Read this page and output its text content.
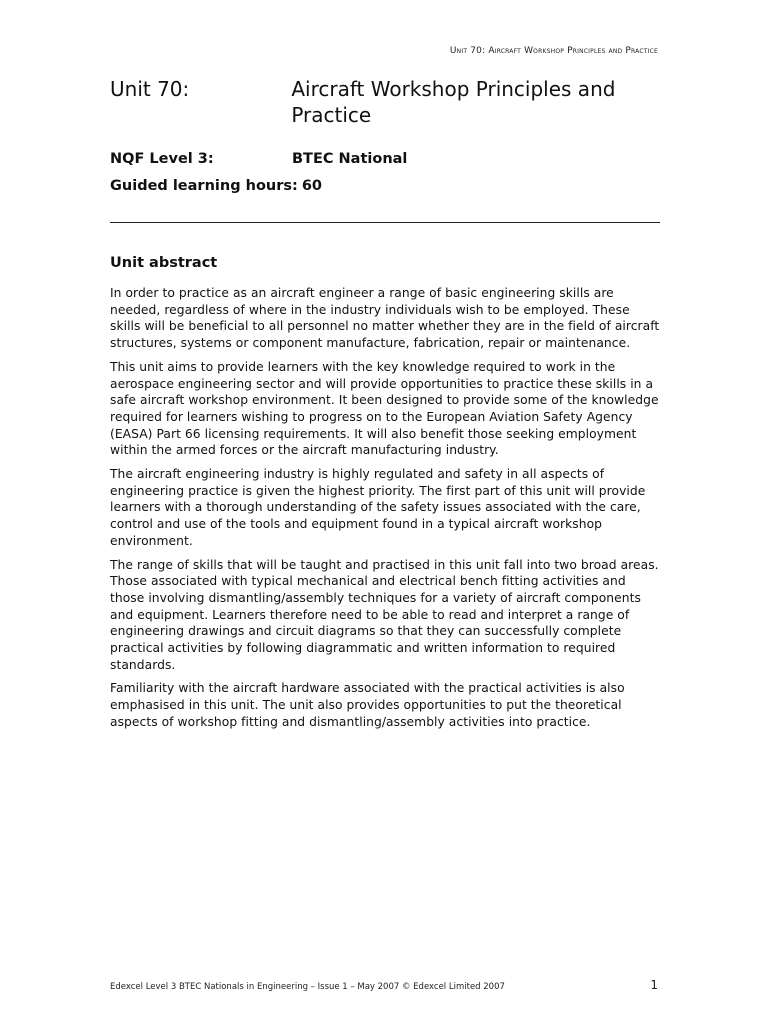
Unit 70: Aircraft Workshop Principles and Practice
Unit 70:	Aircraft Workshop Principles and Practice
NQF Level 3:	BTEC National
Guided learning hours: 60
Unit abstract

In order to practice as an aircraft engineer a range of basic engineering skills are needed, regardless of where in the industry individuals wish to be employed. These skills will be beneficial to all personnel no matter whether they are in the field of aircraft structures, systems or component manufacture, fabrication, repair or maintenance.

This unit aims to provide learners with the key knowledge required to work in the aerospace engineering sector and will provide opportunities to practice these skills in a safe aircraft workshop environment. It been designed to provide some of the knowledge required for learners wishing to progress on to the European Aviation Safety Agency (EASA) Part 66 licensing requirements. It will also benefit those seeking employment within the armed forces or the aircraft manufacturing industry.

The aircraft engineering industry is highly regulated and safety in all aspects of engineering practice is given the highest priority. The first part of this unit will provide learners with a thorough understanding of the safety issues associated with the care, control and use of the tools and equipment found in a typical aircraft workshop environment.

The range of skills that will be taught and practised in this unit fall into two broad areas. Those associated with typical mechanical and electrical bench fitting activities and those involving dismantling/assembly techniques for a variety of aircraft components and equipment. Learners therefore need to be able to read and interpret a range of engineering drawings and circuit diagrams so that they can successfully complete practical activities by following diagrammatic and written information to required standards.

Familiarity with the aircraft hardware associated with the practical activities is also emphasised in this unit. The unit also provides opportunities to put the theoretical aspects of workshop fitting and dismantling/assembly activities into practice.

Edexcel Level 3 BTEC Nationals in Engineering – Issue 1 – May 2007 © Edexcel Limited 2007	1
